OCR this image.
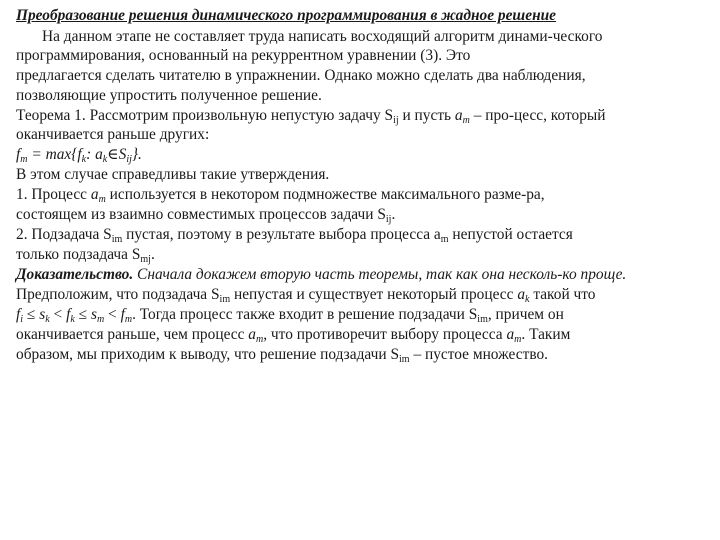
Преобразование решения динамического программирования в жадное решение
На данном этапе не составляет труда написать восходящий алгоритм динами-ческого
программирования, основанный на рекуррентном уравнении (3). Это
предлагается сделать читателю в упражнении. Однако можно сделать два наблюдения,
позволяющие упростить полученное решение.
Теорема 1. Рассмотрим произвольную непустую задачу $S_{ij}$ и пусть $a_m$ – про-цесс, который
оканчивается раньше других:
$f_m = \max\{f_k$: $a_k\in S_{ij}$}.
В этом случае справедливы такие утверждения.
1. Процесс $a_m$ используется в некотором подмножестве максимального разме-ра,
состоящем из взаимно совместимых процессов задачи $S_{ij}$.
2. Подзадача $S_{im}$ пустая, поэтому в результате выбора процесса $a_m$ непустой остается
только подзадача $S_{mj}$.
Доказательство. Сначала докажем вторую часть теоремы, так как она несколь-ко проще.
Предположим, что подзадача $S_{im}$ непустая и существует некоторый процесс $a_k$ такой что
$f_i \le s_k < f_k \le s_m < f_m$. Тогда процесс также входит в решение подзадачи $S_{im}$, причем он
оканчивается раньше, чем процесс $a_m$, что противоречит выбору процесса $a_m$. Таким
образом, мы приходим к выводу, что решение подзадачи $S_{im}$ – пустое множество.
